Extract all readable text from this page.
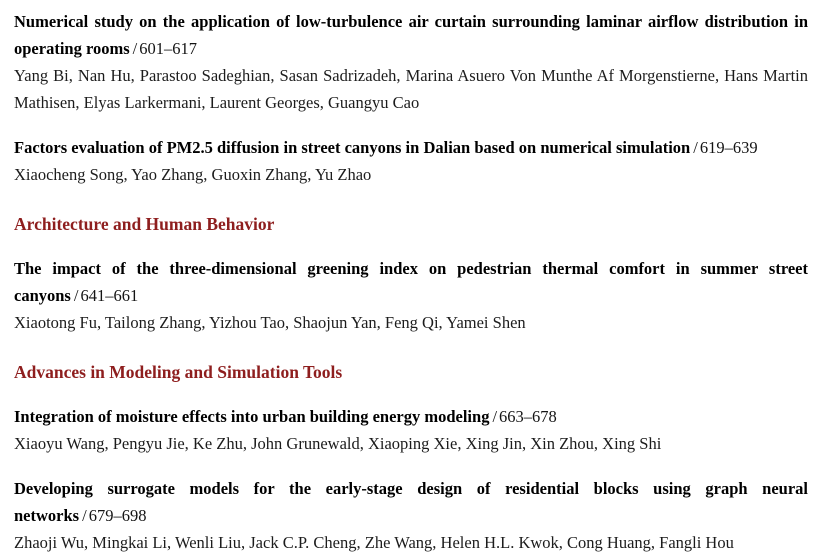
Numerical study on the application of low-turbulence air curtain surrounding laminar airflow distribution in operating rooms / 601–617

Yang Bi, Nan Hu, Parastoo Sadeghian, Sasan Sadrizadeh, Marina Asuero Von Munthe Af Morgenstierne, Hans Martin Mathisen, Elyas Larkermani, Laurent Georges, Guangyu Cao

Factors evaluation of PM2.5 diffusion in street canyons in Dalian based on numerical simulation / 619–639

Xiaocheng Song, Yao Zhang, Guoxin Zhang, Yu Zhao

Architecture and Human Behavior

The impact of the three-dimensional greening index on pedestrian thermal comfort in summer street canyons / 641–661

Xiaotong Fu, Tailong Zhang, Yizhou Tao, Shaojun Yan, Feng Qi, Yamei Shen

Advances in Modeling and Simulation Tools

Integration of moisture effects into urban building energy modeling / 663–678

Xiaoyu Wang, Pengyu Jie, Ke Zhu, John Grunewald, Xiaoping Xie, Xing Jin, Xin Zhou, Xing Shi

Developing surrogate models for the early-stage design of residential blocks using graph neural networks / 679–698

Zhaoji Wu, Mingkai Li, Wenli Liu, Jack C.P. Cheng, Zhe Wang, Helen H.L. Kwok, Cong Huang, Fangli Hou
